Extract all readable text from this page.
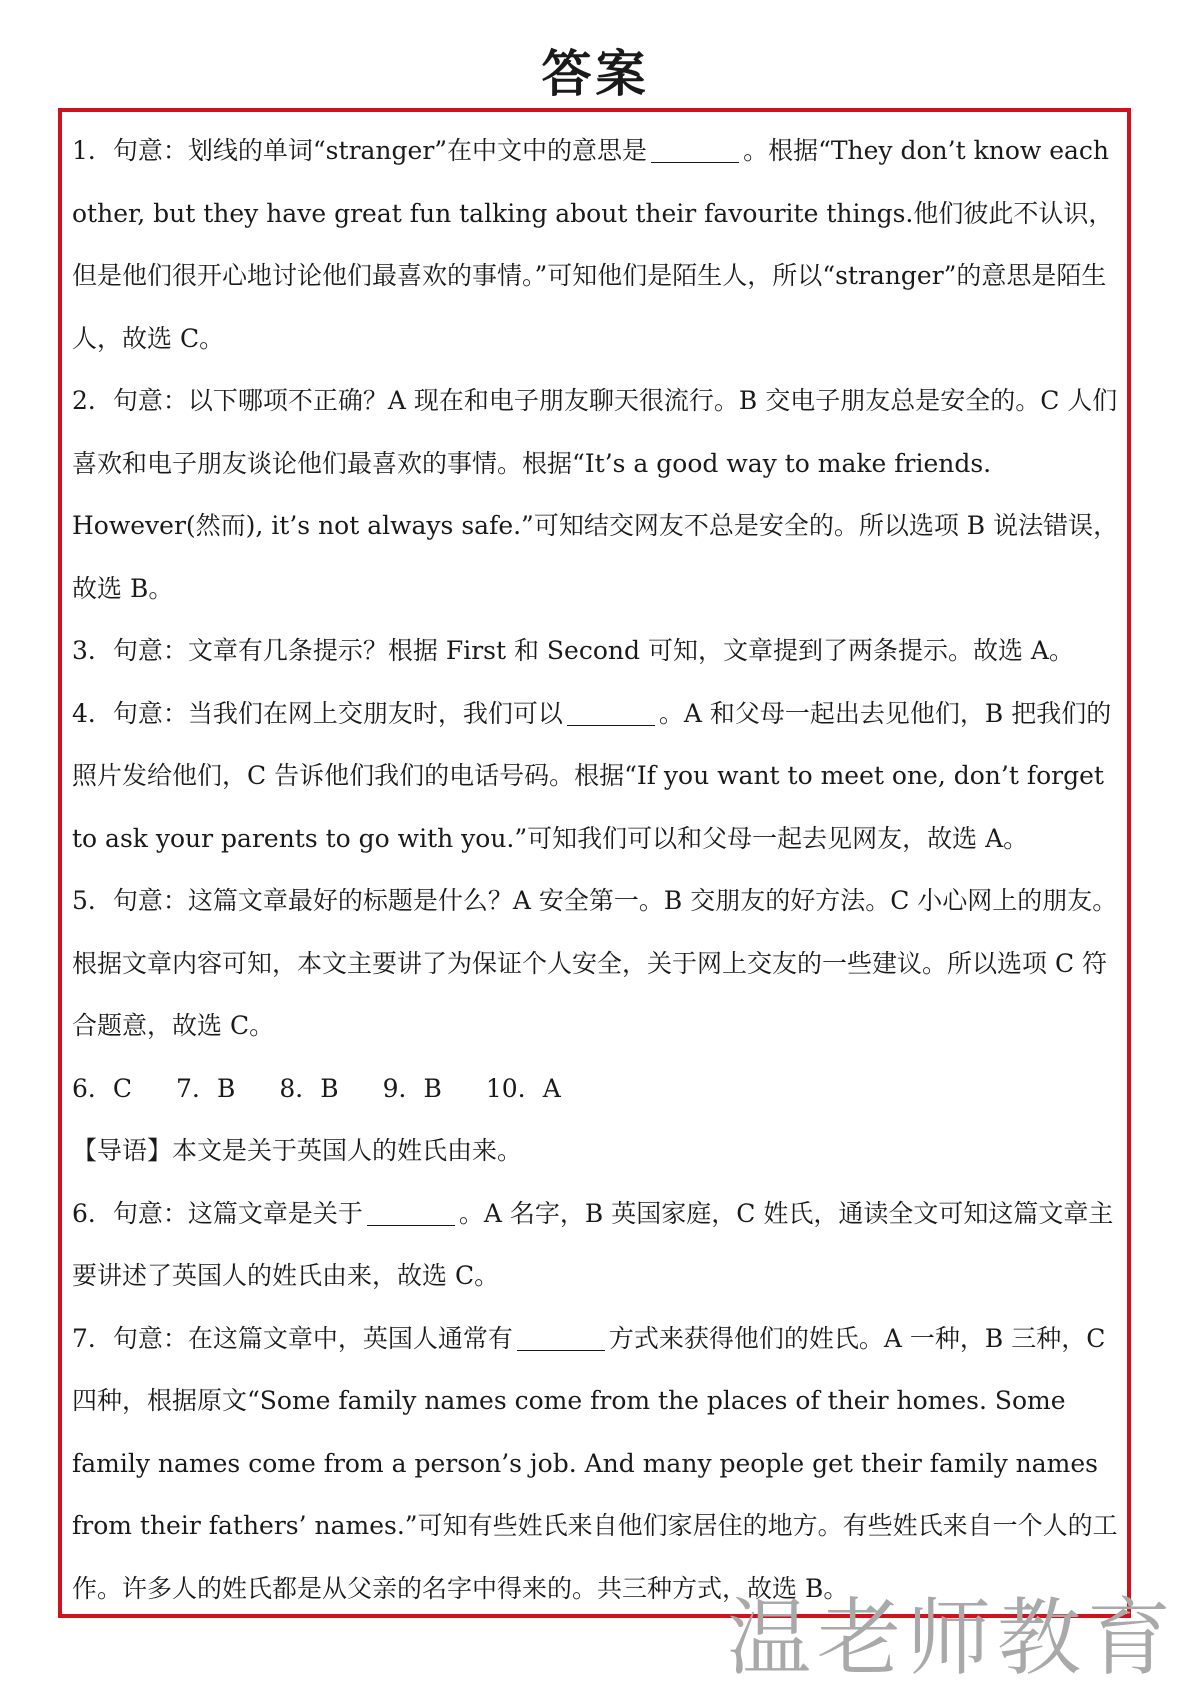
答案

1．句意：划线的单词“stranger”在中文中的意思是	。根据“They don’t know each other, but they have great fun talking about their favourite things.他们彼此不认识，但是他们很开心地讨论他们最喜欢的事情。”可知他们是陌生人，所以“stranger”的意思是陌生人，故选 C。

2．句意：以下哪项不正确？A 现在和电子朋友聊天很流行。B 交电子朋友总是安全的。C 人们喜欢和电子朋友谈论他们最喜欢的事情。根据“It’s a good way to make friends. However(然而), it’s not always safe.”可知结交网友不总是安全的。所以选项 B 说法错误，故选 B。

3．句意：文章有几条提示？根据 First 和 Second 可知，文章提到了两条提示。故选 A。

4．句意：当我们在网上交朋友时，我们可以	。A 和父母一起出去见他们，B 把我们的照片发给他们，C 告诉他们我们的电话号码。根据“If you want to meet one, don’t forget to ask your parents to go with you.”可知我们可以和父母一起去见网友，故选 A。

5．句意：这篇文章最好的标题是什么？A 安全第一。B 交朋友的好方法。C 小心网上的朋友。根据文章内容可知，本文主要讲了为保证个人安全，关于网上交友的一些建议。所以选项 C 符合题意，故选 C。

6．C 7．B 8．B 9．B 10．A

【导语】本文是关于英国人的姓氏由来。

6．句意：这篇文章是关于	。A 名字，B 英国家庭，C 姓氏，通读全文可知这篇文章主要讲述了英国人的姓氏由来，故选 C。

7．句意：在这篇文章中，英国人通常有	方式来获得他们的姓氏。A 一种，B 三种，C 四种，根据原文“Some family names come from the places of their homes. Some family names come from a person’s job. And many people get their family names from their fathers’ names.”可知有些姓氏来自他们家居住的地方。有些姓氏来自一个人的工作。许多人的姓氏都是从父亲的名字中得来的。共三种方式，故选 B。

温老师教育
